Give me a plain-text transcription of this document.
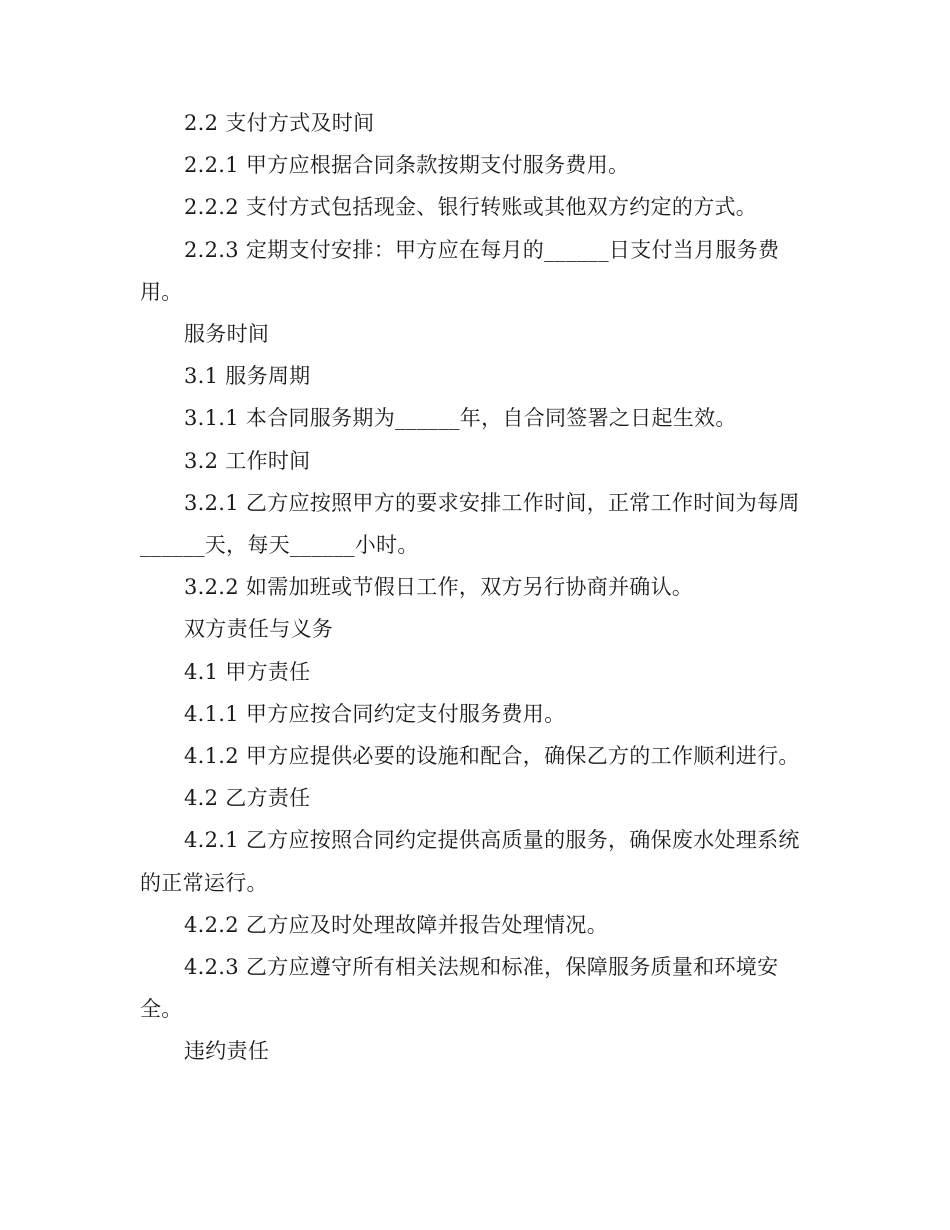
2.2 支付方式及时间

2.2.1 甲方应根据合同条款按期支付服务费用。

2.2.2 支付方式包括现金、银行转账或其他双方约定的方式。

2.2.3 定期支付安排：甲方应在每月的______日支付当月服务费用。

服务时间

3.1 服务周期

3.1.1 本合同服务期为______年，自合同签署之日起生效。

3.2 工作时间

3.2.1 乙方应按照甲方的要求安排工作时间，正常工作时间为每周______天，每天______小时。

3.2.2 如需加班或节假日工作，双方另行协商并确认。

双方责任与义务

4.1 甲方责任

4.1.1 甲方应按合同约定支付服务费用。

4.1.2 甲方应提供必要的设施和配合，确保乙方的工作顺利进行。

4.2 乙方责任

4.2.1 乙方应按照合同约定提供高质量的服务，确保废水处理系统的正常运行。

4.2.2 乙方应及时处理故障并报告处理情况。

4.2.3 乙方应遵守所有相关法规和标准，保障服务质量和环境安全。

违约责任
